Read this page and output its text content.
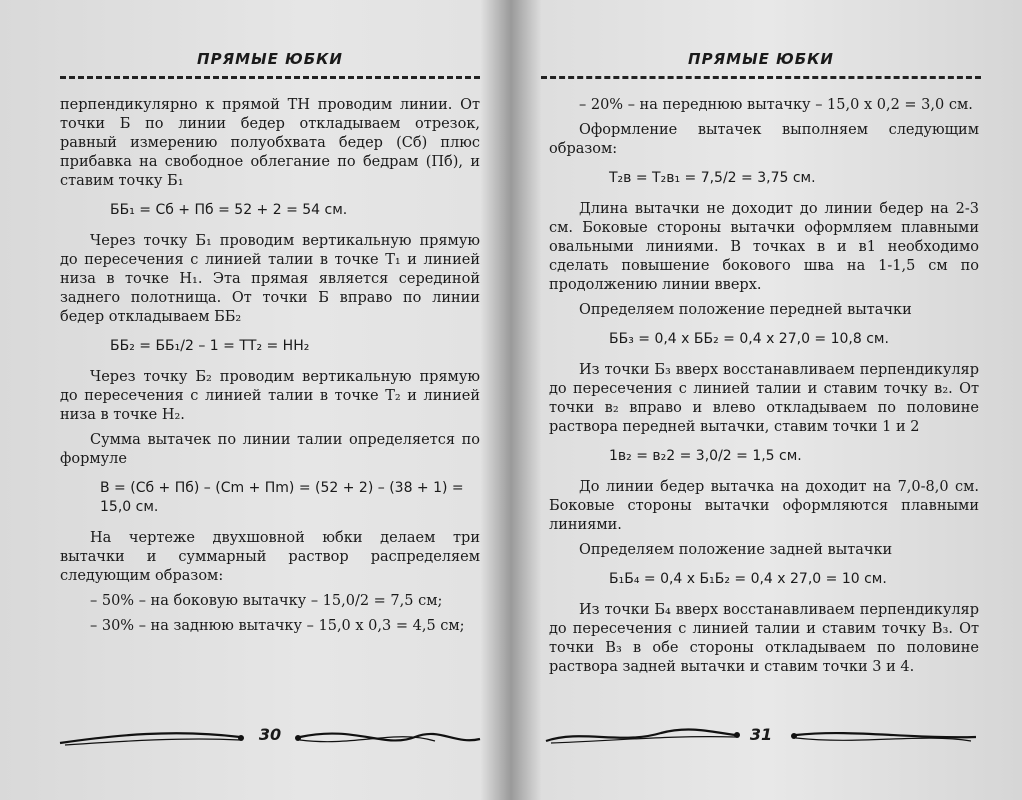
ПРЯМЫЕ ЮБКИ

перпендикулярно к прямой ТН проводим линии. От точки Б по линии бедер откладываем отрезок, равный измерению полуобхвата бедер (Сб) плюс прибавка на свободное облегание по бедрам (Пб), и ставим точку Б₁

ББ₁ = Сб + Пб = 52 + 2 = 54 см.

Через точку Б₁ проводим вертикальную прямую до пересечения с линией талии в точке Т₁ и линией низа в точке Н₁. Эта прямая является серединой заднего полотнища. От точки Б вправо по линии бедер откладываем ББ₂

ББ₂ = ББ₁/2 – 1 = ТТ₂ = НН₂

Через точку Б₂ проводим вертикальную прямую до пересечения с линией талии в точке Т₂ и линией низа в точке Н₂.

Сумма вытачек по линии талии определяется по формуле

В = (Сб + Пб) – (Сm + Пm) = (52 + 2) – (38 + 1) = 15,0 см.

На чертеже двухшовной юбки делаем три вытачки и суммарный раствор распределяем следующим образом:

– 50% – на боковую вытачку – 15,0/2 = 7,5 см;

– 30% – на заднюю вытачку – 15,0 x 0,3 = 4,5 см;

30
ПРЯМЫЕ ЮБКИ

– 20% – на переднюю вытачку – 15,0 x 0,2 = 3,0 см.

Оформление вытачек выполняем следующим образом:

Т₂в = Т₂в₁ = 7,5/2 = 3,75 см.

Длина вытачки не доходит до линии бедер на 2-3 см. Боковые стороны вытачки оформляем плавными овальными линиями. В точках в и в1 необходимо сделать повышение бокового шва на 1-1,5 см по продолжению линии вверх.

Определяем положение передней вытачки

ББ₃ = 0,4 x ББ₂ = 0,4 x 27,0 = 10,8 см.

Из точки Б₃ вверх восстанавливаем перпендикуляр до пересечения с линией талии и ставим точку в₂. От точки в₂ вправо и влево откладываем по половине раствора передней вытачки, ставим точки 1 и 2

1в₂ = в₂2 = 3,0/2 = 1,5 см.

До линии бедер вытачка на доходит на 7,0-8,0 см. Боковые стороны вытачки оформляются плавными линиями.

Определяем положение задней вытачки

Б₁Б₄ = 0,4 x Б₁Б₂ = 0,4 x 27,0 = 10 см.

Из точки Б₄ вверх восстанавливаем перпендикуляр до пересечения с линией талии и ставим точку В₃. От точки В₃ в обе стороны откладываем по половине раствора задней вытачки и ставим точки 3 и 4.

31
